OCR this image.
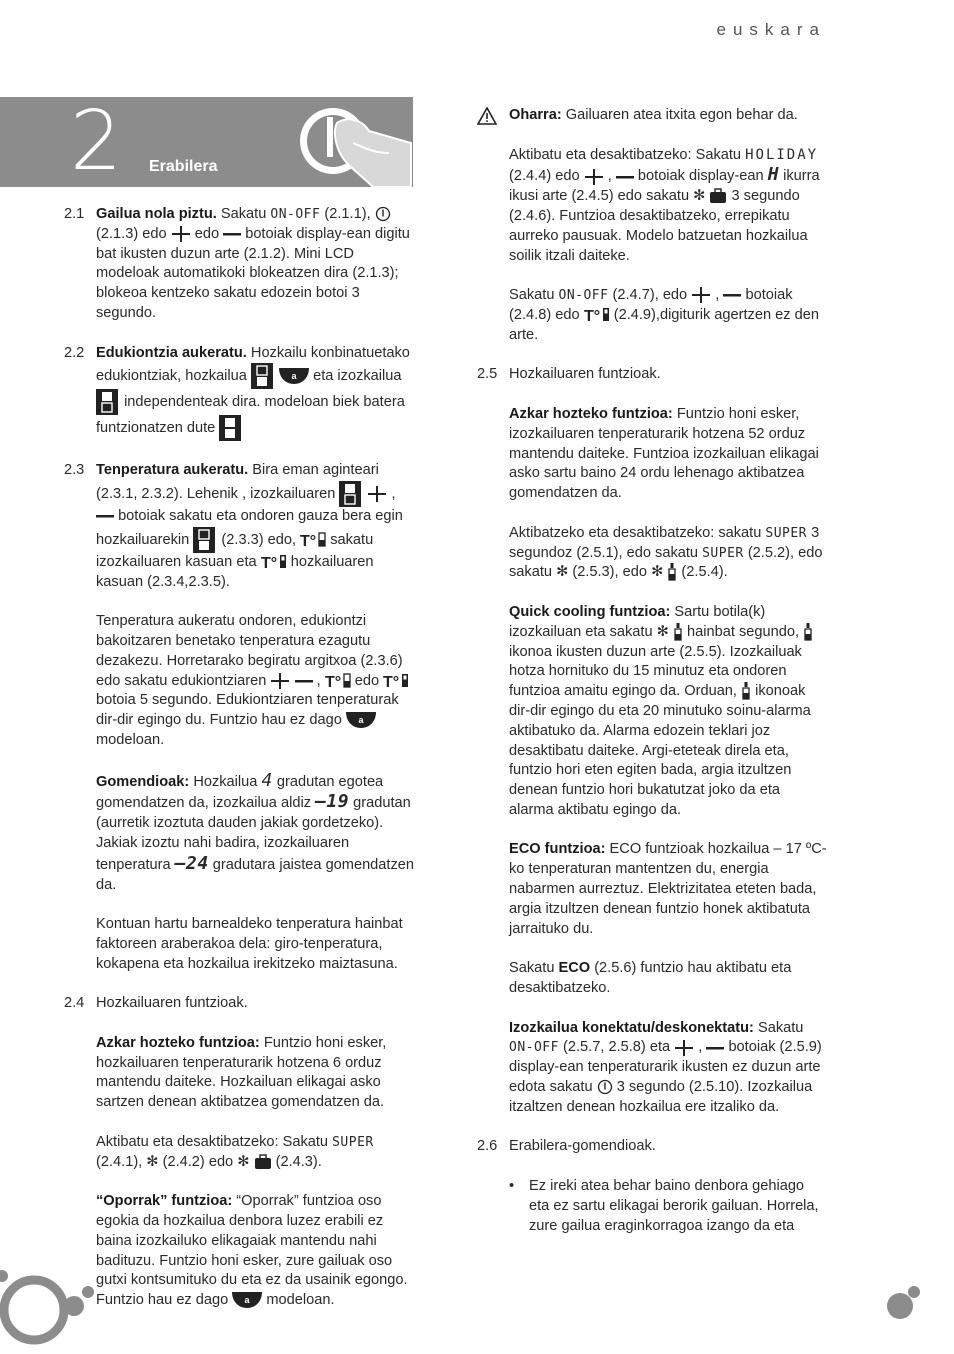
euskara
2 Erabilera
2.1 Gailua nola piztu. Sakatu ON-OFF (2.1.1),  (2.1.3) edo edo botoiak display-ean digitu bat ikusten duzun arte (2.1.2). Mini LCD modeloak automatikoki blokeatzen dira (2.1.3); blokeoa kentzeko sakatu edozein botoi 3 segundo.
2.2 Edukiontzia aukeratu. Hozkailu konbinatuetako edukiontziak, hozkailua	a eta izozkailua  independenteak dira. modeloan biek batera funtzionatzen dute
2.3 Tenperatura aukeratu. Bira eman aginteari (2.3.1, 2.3.2). Lehenik , izozkailuaren	,  botoiak sakatu eta ondoren gauza bera egin hozkailuarekin (2.3.3) edo, T° sakatu izozkailuaren kasuan eta T° hozkailuaren kasuan (2.3.4,2.3.5).

Tenperatura aukeratu ondoren, edukiontzi bakoitzaren benetako tenperatura ezagutu dezakezu. Horretarako begiratu argitxoa (2.3.6) edo sakatu edukiontziaren	, T° edo T°
botoia 5 segundo. Edukiontziaren tenperaturak dir-dir egingo du. Funtzio hau ez dago a
modeloan.

Gomendioak: Hozkailua 4 gradutan egotea gomendatzen da, izozkailua aldiz –19 gradutan (aurretik izoztuta dauden jakiak gordetzeko). Jakiak izoztu nahi badira, izozkailuaren tenperatura –24 gradutara jaistea gomendatzen da.

Kontuan hartu barnealdeko tenperatura hainbat faktoreen araberakoa dela: giro-tenperatura, kokapena eta hozkailua irekitzeko maiztasuna.

2.4 Hozkailuaren funtzioak.

Azkar hozteko funtzioa: Funtzio honi esker, hozkailuaren tenperaturarik hotzena 6 orduz mantendu daiteke. Hozkailuan elikagai asko sartzen denean aktibatzea gomendatzen da.

Aktibatu eta desaktibatzeko: Sakatu SUPER (2.4.1), ✻ (2.4.2) edo ✻ (2.4.3).

“Oporrak” funtzioa: “Oporrak” funtzioa oso egokia da hozkailua denbora luzez erabili ez baina izozkailuko elikagaiak mantendu nahi badituzu. Funtzio honi esker, zure gailuak oso gutxi kontsumituko du eta ez da usainik egongo. Funtzio hau ez dago a modeloan.

Oharra: Gailuaren atea itxita egon behar da.

Aktibatu eta desaktibatzeko: Sakatu HOLIDAY (2.4.4) edo , botoiak display-ean H ikurra ikusi arte (2.4.5) edo sakatu ✻ 3 segundo (2.4.6). Funtzioa desaktibatzeko, errepikatu aurreko pausuak. Modelo batzuetan hozkailua soilik itzali daiteke.

Sakatu ON-OFF (2.4.7), edo , botoiak (2.4.8) edo T° (2.4.9),digiturik agertzen ez den arte.

2.5 Hozkailuaren funtzioak.

Azkar hozteko funtzioa: Funtzio honi esker, izozkailuaren tenperaturarik hotzena 52 orduz mantendu daiteke. Funtzioa izozkailuan elikagai asko sartu baino 24 ordu lehenago aktibatzea gomendatzen da.

Aktibatzeko eta desaktibatzeko: sakatu SUPER 3 segundoz (2.5.1), edo sakatu SUPER (2.5.2), edo sakatu ✻ (2.5.3), edo ✻ (2.5.4).

Quick cooling funtzioa: Sartu botila(k) izozkailuan eta sakatu ✻ hainbat segundo,  ikonoa ikusten duzun arte (2.5.5). Izozkailuak hotza hornituko du 15 minutuz eta ondoren funtzioa amaitu egingo da. Orduan, ikonoak dir-dir egingo du eta 20 minutuko soinu-alarma aktibatuko da. Alarma edozein teklari joz desaktibatu daiteke. Argi-eteteak direla eta, funtzio hori eten egiten bada, argia itzultzen denean funtzio hori bukatutzat joko da eta alarma aktibatu egingo da.

ECO funtzioa: ECO funtzioak hozkailua – 17 ºC-ko tenperaturan mantentzen du, energia nabarmen aurreztuz. Elektrizitatea eteten bada, argia itzultzen denean funtzio honek aktibatuta jarraituko du.

Sakatu ECO (2.5.6) funtzio hau aktibatu eta desaktibatzeko.

Izozkailua konektatu/deskonektatu: Sakatu ON-OFF (2.5.7, 2.5.8) eta , botoiak (2.5.9) display-ean tenperaturarik ikusten ez duzun arte edota sakatu 3 segundo (2.5.10). Izozkailua itzaltzen denean hozkailua ere itzaliko da.

2.6 Erabilera-gomendioak.
• Ez ireki atea behar baino denbora gehiago eta ez sartu elikagai berorik gailuan. Horrela, zure gailua eraginkorragoa izango da eta
